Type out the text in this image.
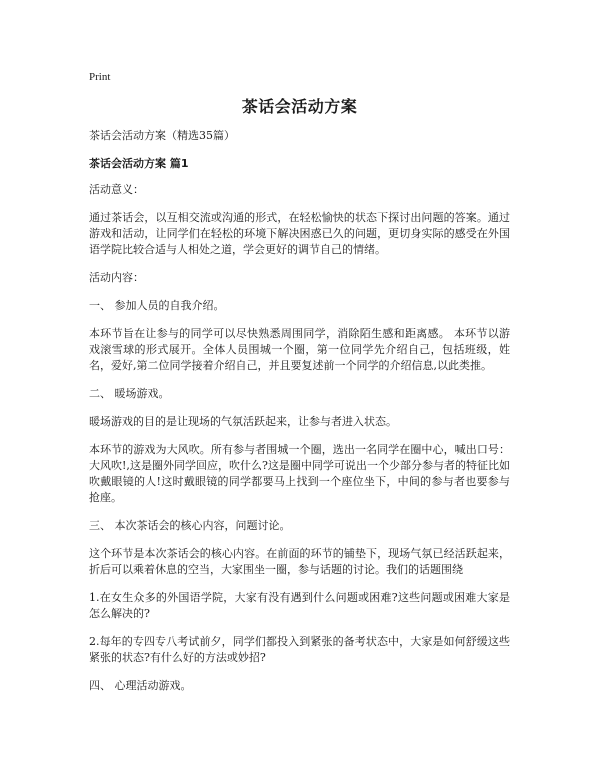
Print
茶话会活动方案

茶话会活动方案（精选35篇）

茶话会活动方案 篇1

活动意义：

通过茶话会，以互相交流或沟通的形式，在轻松愉快的状态下探讨出问题的答案。通过游戏和活动，让同学们在轻松的环境下解决困惑已久的问题，更切身实际的感受在外国语学院比较合适与人相处之道，学会更好的调节自己的情绪。

活动内容：

一、 参加人员的自我介绍。

本环节旨在让参与的同学可以尽快熟悉周围同学，消除陌生感和距离感。 本环节以游戏滚雪球的形式展开。全体人员围城一个圈，第一位同学先介绍自己，包括班级，姓名，爱好,第二位同学接着介绍自己，并且要复述前一个同学的介绍信息,以此类推。

二、 暖场游戏。

暖场游戏的目的是让现场的气氛活跃起来，让参与者进入状态。

本环节的游戏为大风吹。所有参与者围城一个圈，选出一名同学在圈中心，喊出口号：大风吹!,这是圈外同学回应，吹什么?这是圈中同学可说出一个少部分参与者的特征比如吹戴眼镜的人!这时戴眼镜的同学都要马上找到一个座位坐下，中间的参与者也要参与抢座。

三、 本次茶话会的核心内容，问题讨论。

这个环节是本次茶话会的核心内容。在前面的环节的铺垫下，现场气氛已经活跃起来，折后可以乘着休息的空当，大家围坐一圈，参与话题的讨论。我们的话题围绕

1.在女生众多的外国语学院，大家有没有遇到什么问题或困难?这些问题或困难大家是怎么解决的?

2.每年的专四专八考试前夕，同学们都投入到紧张的备考状态中，大家是如何舒缓这些紧张的状态?有什么好的方法或妙招?

四、 心理活动游戏。
